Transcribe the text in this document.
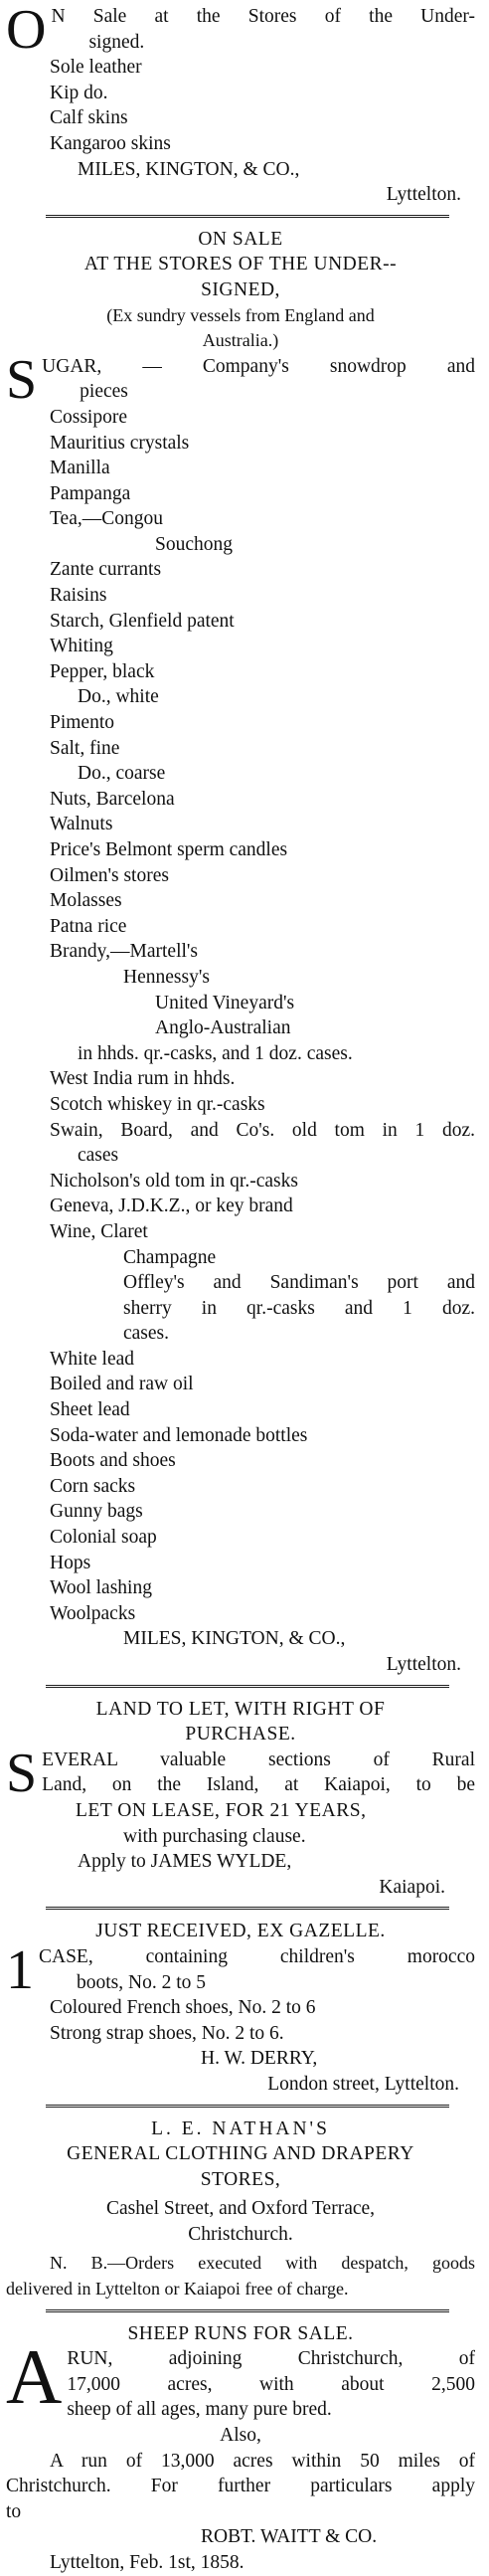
O N Sale at the Stores of the Under-
signed.
Sole leather
Kip do.
Calf skins
Kangaroo skins
MILES, KINGTON, & CO.,
Lyttelton.
ON SALE
AT THE STORES OF THE UNDER--
SIGNED,
(Ex sundry vessels from England and
Australia.)
S UGAR, — Company's snowdrop and
pieces
Cossipore
Mauritius crystals
Manilla
Pampanga
Tea,—Congou
Souchong
Zante currants
Raisins
Starch, Glenfield patent
Whiting
Pepper, black
Do., white
Pimento
Salt, fine
Do., coarse
Nuts, Barcelona
Walnuts
Price's Belmont sperm candles
Oilmen's stores
Molasses
Patna rice
Brandy,—Martell's
Hennessy's
United Vineyard's
Anglo-Australian
in hhds. qr.-casks, and 1 doz. cases.
West India rum in hhds.
Scotch whiskey in qr.-casks
Swain, Board, and Co's. old tom in 1 doz.
cases
Nicholson's old tom in qr.-casks
Geneva, J.D.K.Z., or key brand
Wine, Claret
Champagne
Offley's and Sandiman's port and
sherry in qr.-casks and 1 doz.
cases.
White lead
Boiled and raw oil
Sheet lead
Soda-water and lemonade bottles
Boots and shoes
Corn sacks
Gunny bags
Colonial soap
Hops
Wool lashing
Woolpacks
MILES, KINGTON, & CO.,
Lyttelton.
LAND TO LET, WITH RIGHT OF
PURCHASE.
S EVERAL valuable sections of Rural
Land, on the Island, at Kaiapoi, to be
LET ON LEASE, FOR 21 YEARS,
with purchasing clause.
Apply to JAMES WYLDE,
Kaiapoi.
JUST RECEIVED, EX GAZELLE.
1 CASE, containing children's morocco
boots, No. 2 to 5
Coloured French shoes, No. 2 to 6
Strong strap shoes, No. 2 to 6.
H. W. DERRY,
London street, Lyttelton.
L. E. NATHAN'S
GENERAL CLOTHING AND DRAPERY
STORES,
Cashel Street, and Oxford Terrace,
Christchurch.
N. B.—Orders executed with despatch, goods
delivered in Lyttelton or Kaiapoi free of charge.
SHEEP RUNS FOR SALE.
A RUN, adjoining Christchurch, of
17,000 acres, with about 2,500
sheep of all ages, many pure bred.
Also,
A run of 13,000 acres within 50 miles of
Christchurch. For further particulars apply
to
ROBT. WAITT & CO.
Lyttelton, Feb. 1st, 1858.
